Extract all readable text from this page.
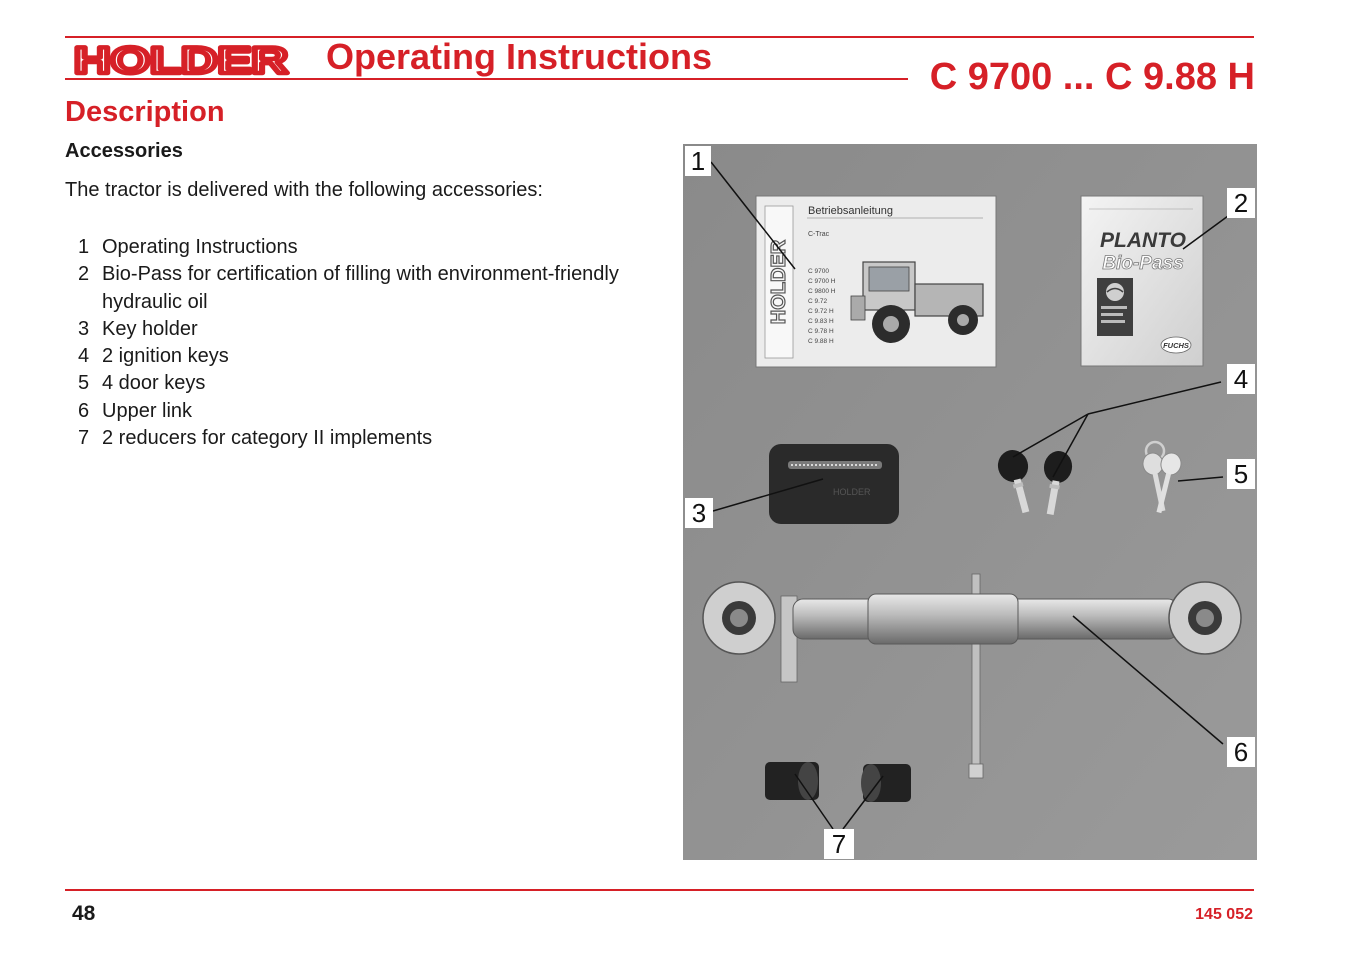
HOLDER Operating Instructions	C 9700 ... C 9.88 H
Description
Accessories
The tractor is delivered with the following accessories:
1 Operating Instructions
2 Bio-Pass for certification of filling with environment-friendly hydraulic oil
3 Key holder
4 2 ignition keys
5 4 door keys
6 Upper link
7 2 reducers for category II implements
HOLDER
Betriebsanleitung
C-Trac
C 9700
C 9700 H
C 9800 H
C 9.72
C 9.72 H
C 9.83 H
C 9.78 H
C 9.88 H
PLANTO
Bio-Pass
FUCHS
HOLDER
1
2
3
4
5
6
7
48	145 052
